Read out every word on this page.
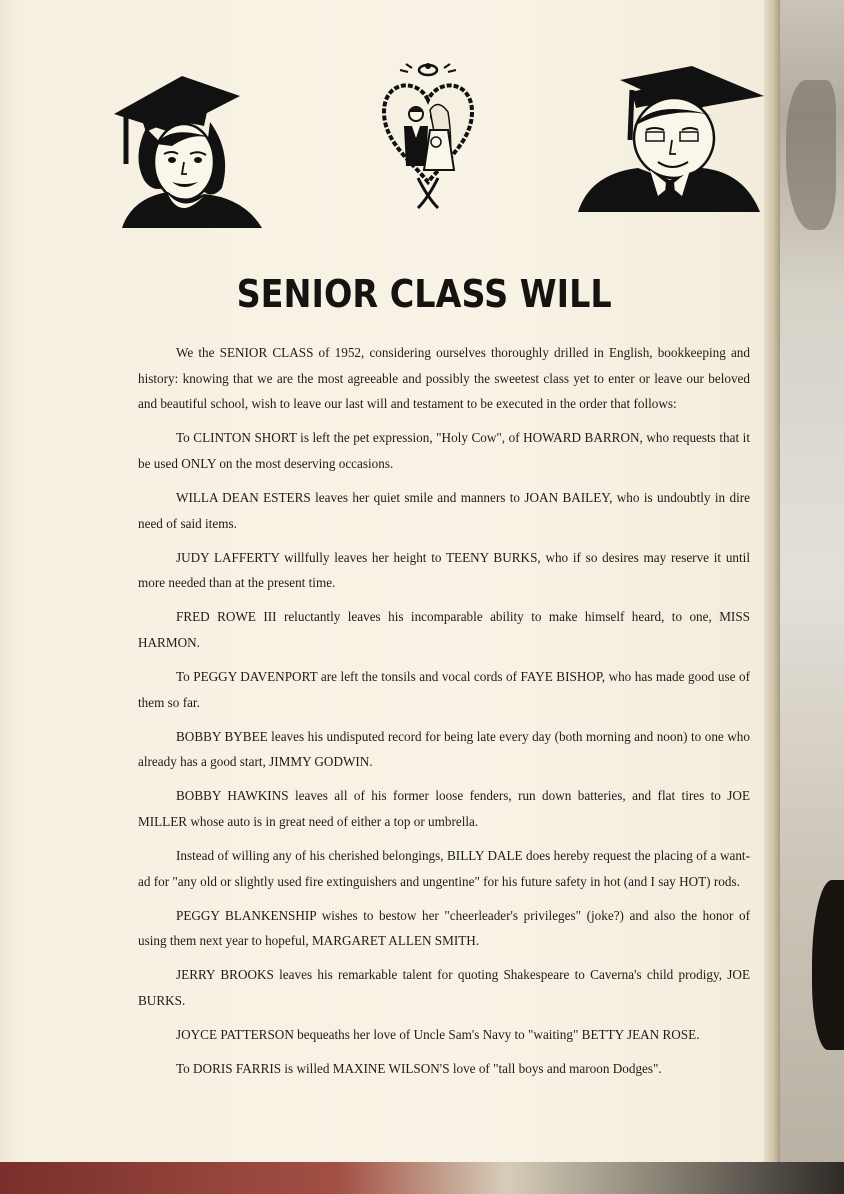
SENIOR CLASS WILL

We the SENIOR CLASS of 1952, considering ourselves thoroughly drilled in English, bookkeeping and history: knowing that we are the most agreeable and possibly the sweetest class yet to enter or leave our beloved and beautiful school, wish to leave our last will and testament to be executed in the order that follows:

To CLINTON SHORT is left the pet expression, "Holy Cow", of HOWARD BARRON, who requests that it be used ONLY on the most deserving occasions.

WILLA DEAN ESTERS leaves her quiet smile and manners to JOAN BAILEY, who is undoubtly in dire need of said items.

JUDY LAFFERTY willfully leaves her height to TEENY BURKS, who if so desires may reserve it until more needed than at the present time.

FRED ROWE III reluctantly leaves his incomparable ability to make himself heard, to one, MISS HARMON.

To PEGGY DAVENPORT are left the tonsils and vocal cords of FAYE BISHOP, who has made good use of them so far.

BOBBY BYBEE leaves his undisputed record for being late every day (both morning and noon) to one who already has a good start, JIMMY GODWIN.

BOBBY HAWKINS leaves all of his former loose fenders, run down batteries, and flat tires to JOE MILLER whose auto is in great need of either a top or umbrella.

Instead of willing any of his cherished belongings, BILLY DALE does hereby request the placing of a want-ad for "any old or slightly used fire extinguishers and ungentine" for his future safety in hot (and I say HOT) rods.

PEGGY BLANKENSHIP wishes to bestow her "cheerleader's privileges" (joke?) and also the honor of using them next year to hopeful, MARGARET ALLEN SMITH.

JERRY BROOKS leaves his remarkable talent for quoting Shakespeare to Caverna's child prodigy, JOE BURKS.

JOYCE PATTERSON bequeaths her love of Uncle Sam's Navy to "waiting" BETTY JEAN ROSE.

To DORIS FARRIS is willed MAXINE WILSON'S love of "tall boys and maroon Dodges".
